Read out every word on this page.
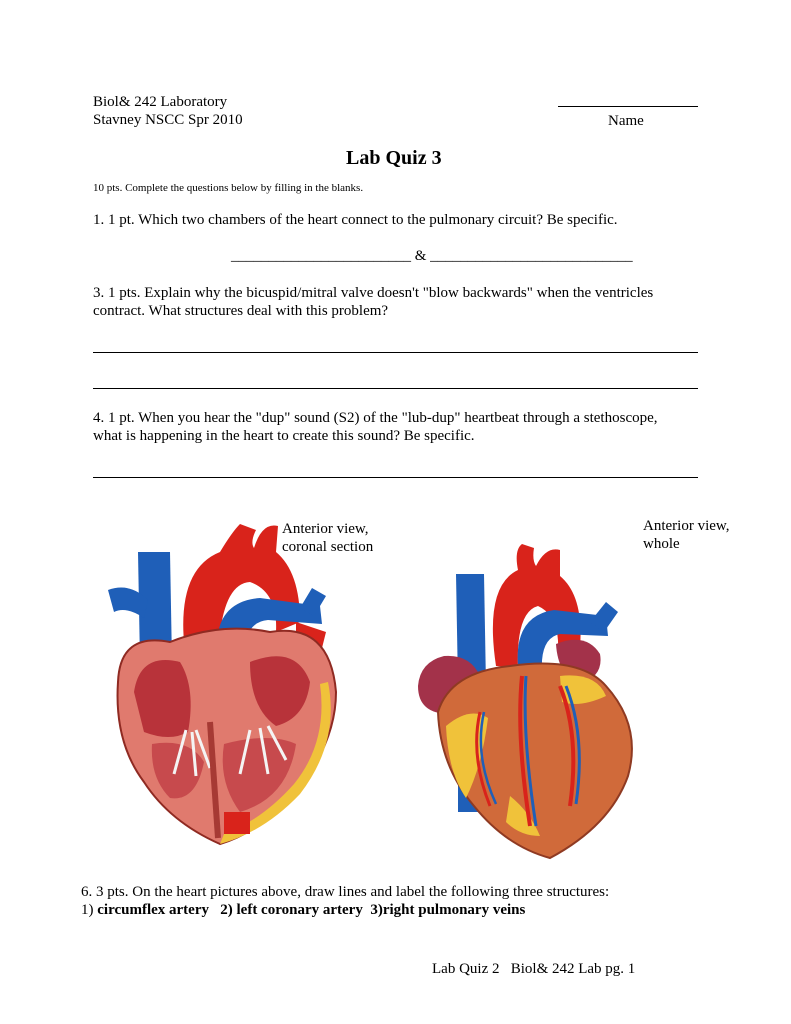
Biol& 242 Laboratory
Stavney NSCC Spr 2010	Name
Lab Quiz 3
10 pts. Complete the questions below by filling in the blanks.
1. 1 pt. Which two chambers of the heart connect to the pulmonary circuit? Be specific.
________________________ & ___________________________
3. 1 pts. Explain why the bicuspid/mitral valve doesn't "blow backwards" when the ventricles
contract. What structures deal with this problem?
4. 1 pt. When you hear the "dup" sound (S2) of the "lub-dup" heartbeat through a stethoscope,
what is happening in the heart to create this sound? Be specific.
Anterior view,
coronal section
Anterior view,
whole
6. 3 pts. On the heart pictures above, draw lines and label the following three structures:
1) circumflex artery 2) left coronary artery 3)right pulmonary veins
Lab Quiz 2 Biol& 242 Lab pg. 1
